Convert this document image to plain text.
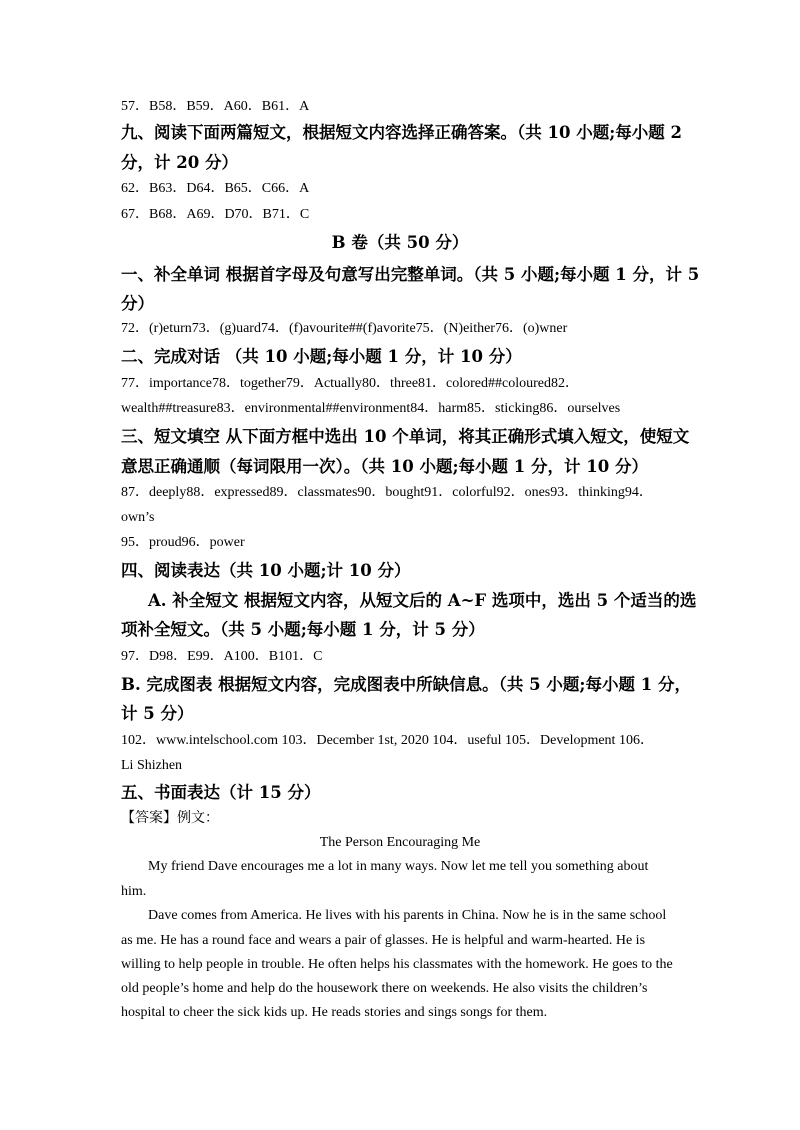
57．B58．B59．A60．B61．A
九、阅读下面两篇短文，根据短文内容选择正确答案。（共 10 小题;每小题 2
分，计 20 分）
62．B63．D64．B65．C66．A
67．B68．A69．D70．B71．C
B 卷（共 50 分）
一、补全单词 根据首字母及句意写出完整单词。（共 5 小题;每小题 1 分，计 5
分）
72．(r)eturn73．(g)uard74．(f)avourite##(f)avorite75．(N)either76．(o)wner
二、完成对话 （共 10 小题;每小题 1 分，计 10 分）
77．importance78．together79．Actually80．three81．colored##coloured82．
wealth##treasure83．environmental##environment84．harm85．sticking86．ourselves
三、短文填空 从下面方框中选出 10 个单词，将其正确形式填入短文，使短文
意思正确通顺（每词限用一次）。（共 10 小题;每小题 1 分，计 10 分）
87．deeply88．expressed89．classmates90．bought91．colorful92．ones93．thinking94．
own’s
95．proud96．power
四、阅读表达（共 10 小题;计 10 分）
A. 补全短文 根据短文内容，从短文后的 A~F 选项中，选出 5 个适当的选
项补全短文。（共 5 小题;每小题 1 分，计 5 分）
97．D98．E99．A100．B101．C
B. 完成图表 根据短文内容，完成图表中所缺信息。（共 5 小题;每小题 1 分，
计 5 分）
102．www.intelschool.com 103．December 1st, 2020 104．useful 105．Development 106．
Li Shizhen
五、书面表达（计 15 分）
【答案】例文：
The Person Encouraging Me
My friend Dave encourages me a lot in many ways. Now let me tell you something about
him.
Dave comes from America. He lives with his parents in China. Now he is in the same school
as me. He has a round face and wears a pair of glasses. He is helpful and warm-hearted. He is
willing to help people in trouble. He often helps his classmates with the homework. He goes to the
old people’s home and help do the housework there on weekends. He also visits the children’s
hospital to cheer the sick kids up. He reads stories and sings songs for them.
